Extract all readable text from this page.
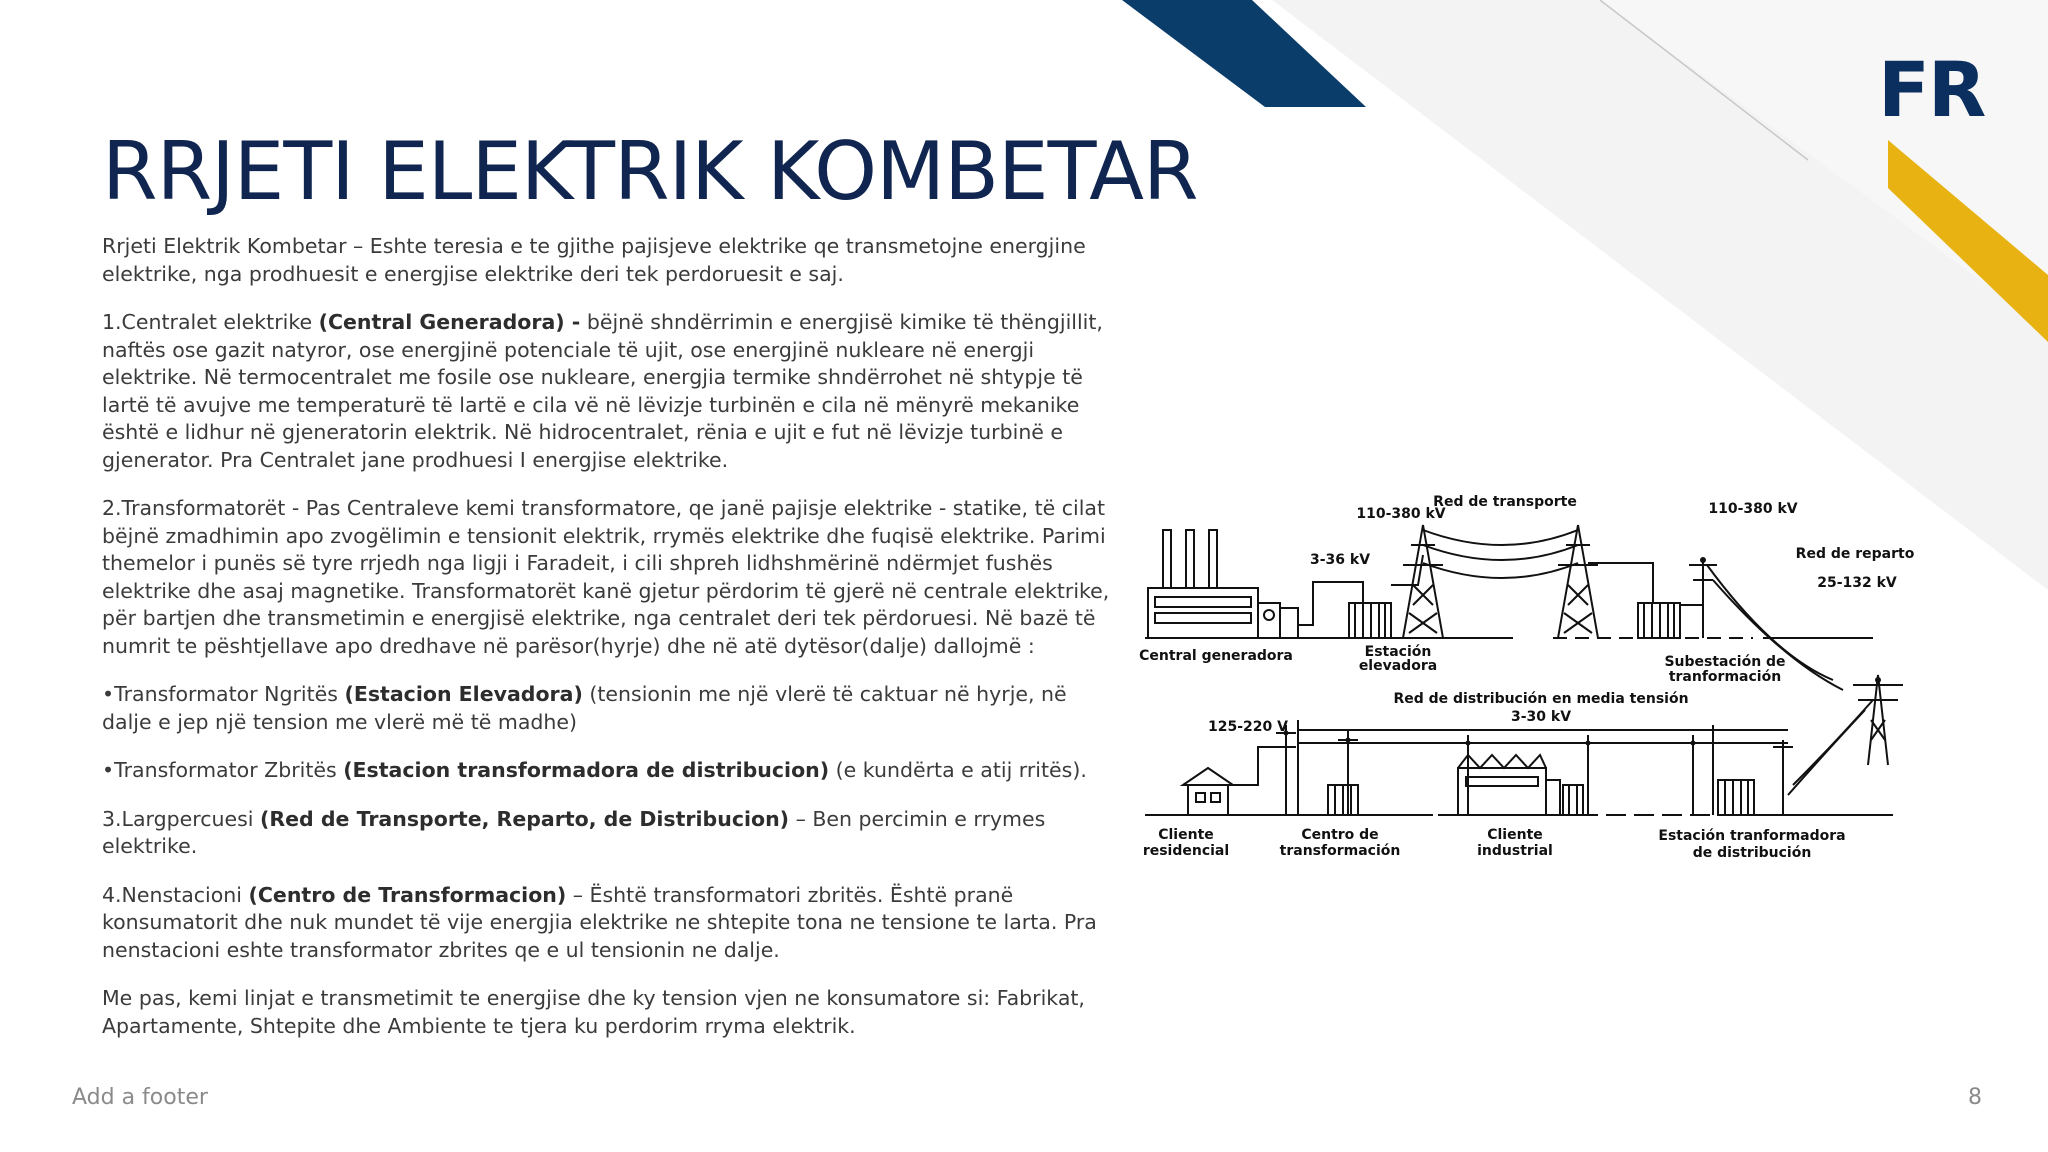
FR
RRJETI ELEKTRIK KOMBETAR

Rrjeti Elektrik Kombetar – Eshte teresia e te gjithe pajisjeve elektrike qe transmetojne energjine elektrike, nga prodhuesit e energjise elektrike deri tek perdoruesit e saj.

1.Centralet elektrike (Central Generadora) - bëjnë shndërrimin e energjisë kimike të thëngjillit, naftës ose gazit natyror, ose energjinë potenciale të ujit, ose energjinë nukleare në energji elektrike. Në termocentralet me fosile ose nukleare, energjia termike shndërrohet në shtypje të lartë të avujve me temperaturë të lartë e cila vë në lëvizje turbinën e cila në mënyrë mekanike është e lidhur në gjeneratorin elektrik. Në hidrocentralet, rënia e ujit e fut në lëvizje turbinë e gjenerator. Pra Centralet jane prodhuesi I energjise elektrike.

2.Transformatorët - Pas Centraleve kemi transformatore, qe janë pajisje elektrike - statike, të cilat bëjnë zmadhimin apo zvogëlimin e tensionit elektrik, rrymës elektrike dhe fuqisë elektrike. Parimi themelor i punës së tyre rrjedh nga ligji i Faradeit, i cili shpreh lidhshmërinë ndërmjet fushës elektrike dhe asaj magnetike. Transformatorët kanë gjetur përdorim të gjerë në centrale elektrike, për bartjen dhe transmetimin e energjisë elektrike, nga centralet deri tek përdoruesi. Në bazë të numrit te pështjellave apo dredhave në parësor(hyrje) dhe në atë dytësor(dalje) dallojmë :

•Transformator Ngritës (Estacion Elevadora) (tensionin me një vlerë të caktuar në hyrje, në dalje e jep një tension me vlerë më të madhe)

•Transformator Zbritës (Estacion transformadora de distribucion) (e kundërta e atij rritës).

3.Largpercuesi (Red de Transporte, Reparto, de Distribucion) – Ben percimin e rrymes elektrike.

4.Nenstacioni (Centro de Transformacion) – Është transformatori zbritës. Është pranë konsumatorit dhe nuk mundet të vije energjia elektrike ne shtepite tona ne tensione te larta. Pra nenstacioni eshte transformator zbrites qe e ul tensionin ne dalje.

Me pas, kemi linjat e transmetimit te energjise dhe ky tension vjen ne konsumatore si: Fabrikat, Apartamente, Shtepite dhe Ambiente te tjera ku perdorim rryma elektrik.

Red de transporte
110-380 kV	110-380 kV
3-36 kV	Red de reparto
25-132 kV
Central generadora	Estación
elevadora	Subestación de
tranformación
Red de distribución en media tensión
3-30 kV
125-220 V
Cliente
residencial
Centro de
transformación
Cliente
industrial
Estación tranformadora
de distribución
Add a footer	8
